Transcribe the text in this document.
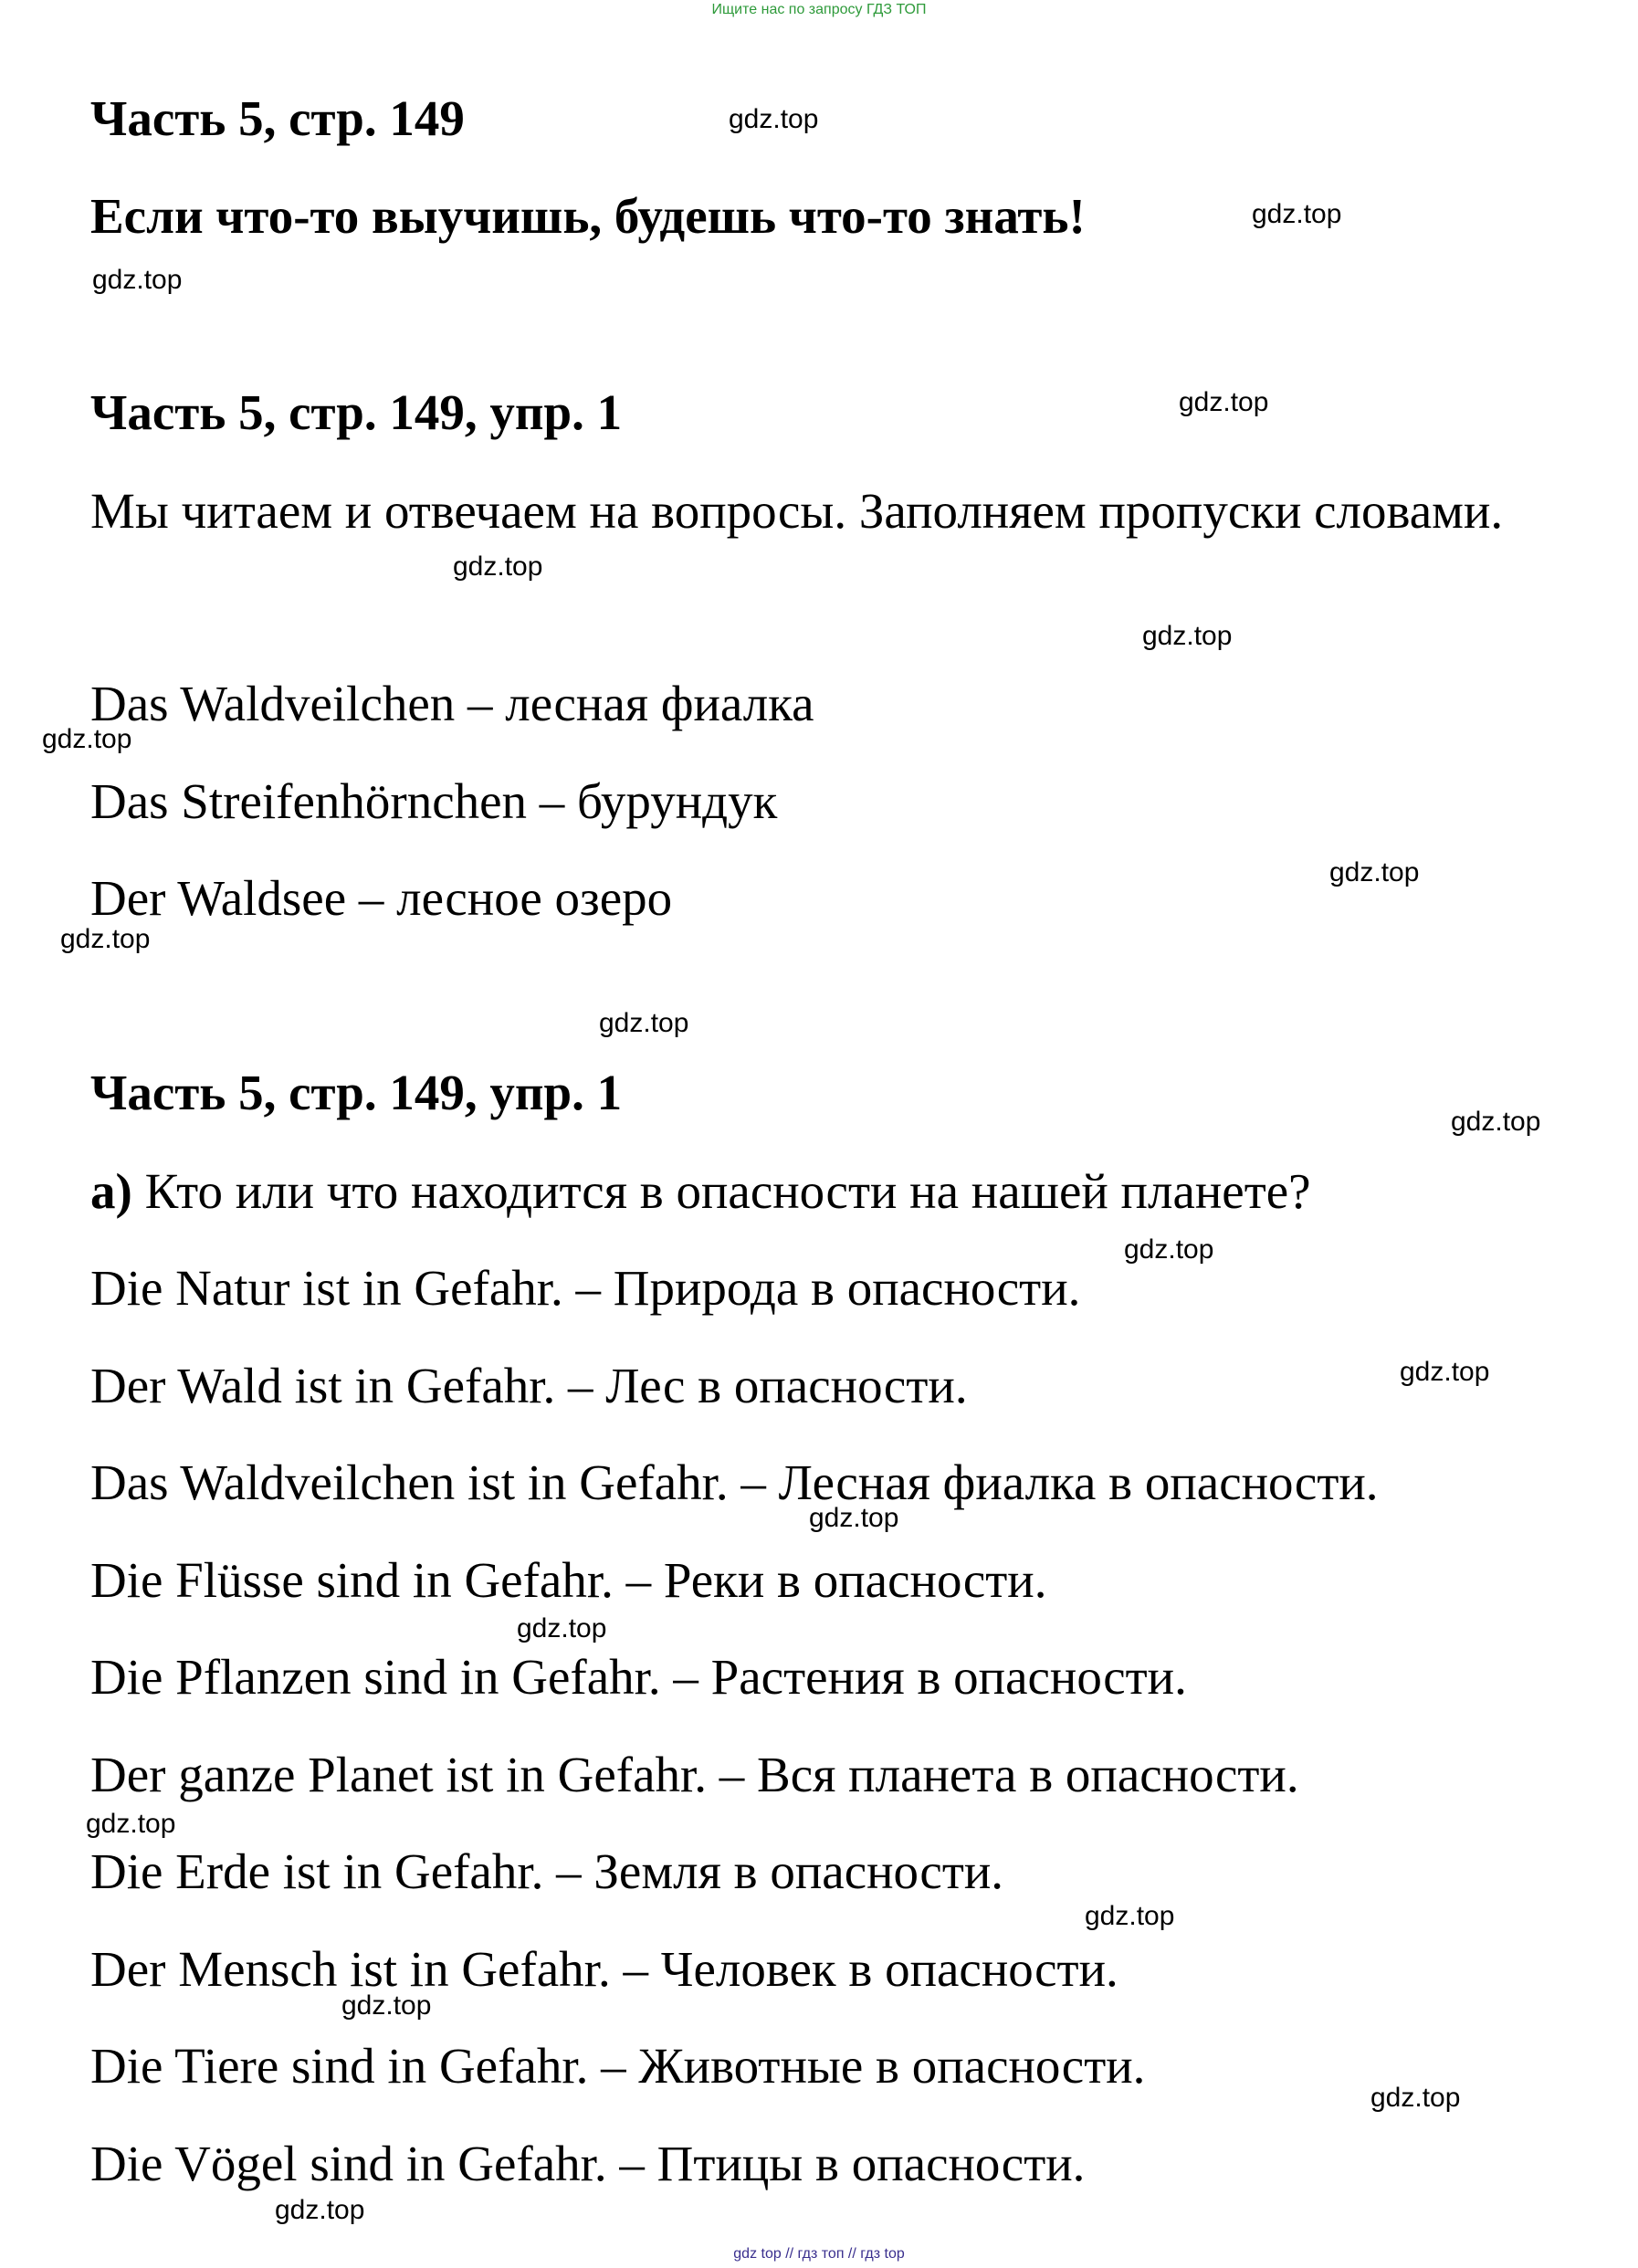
Ищите нас по запросу ГДЗ ТОП
Часть 5, стр. 149
Если что-то выучишь, будешь что-то знать!
Часть 5, стр. 149, упр. 1
Мы читаем и отвечаем на вопросы. Заполняем пропуски словами.
Das Waldveilchen – лесная фиалка
Das Streifenhörnchen – бурундук
Der Waldsee – лесное озеро
Часть 5, стр. 149, упр. 1
а) Кто или что находится в опасности на нашей планете?
Die Natur ist in Gefahr. – Природа в опасности.
Der Wald ist in Gefahr. – Лес в опасности.
Das Waldveilchen ist in Gefahr. – Лесная фиалка в опасности.
Die Flüsse sind in Gefahr. – Реки в опасности.
Die Pflanzen sind in Gefahr. – Растения в опасности.
Der ganze Planet ist in Gefahr. – Вся планета в опасности.
Die Erde ist in Gefahr. – Земля в опасности.
Der Mensch ist in Gefahr. – Человек в опасности.
Die Tiere sind in Gefahr. – Животные в опасности.
Die Vögel sind in Gefahr. – Птицы в опасности.
gdz.top
gdz.top
gdz.top
gdz.top
gdz.top
gdz.top
gdz.top
gdz.top
gdz.top
gdz.top
gdz.top
gdz.top
gdz.top
gdz.top
gdz.top
gdz.top
gdz.top
gdz.top
gdz.top
gdz.top
gdz top // гдз топ // гдз top
